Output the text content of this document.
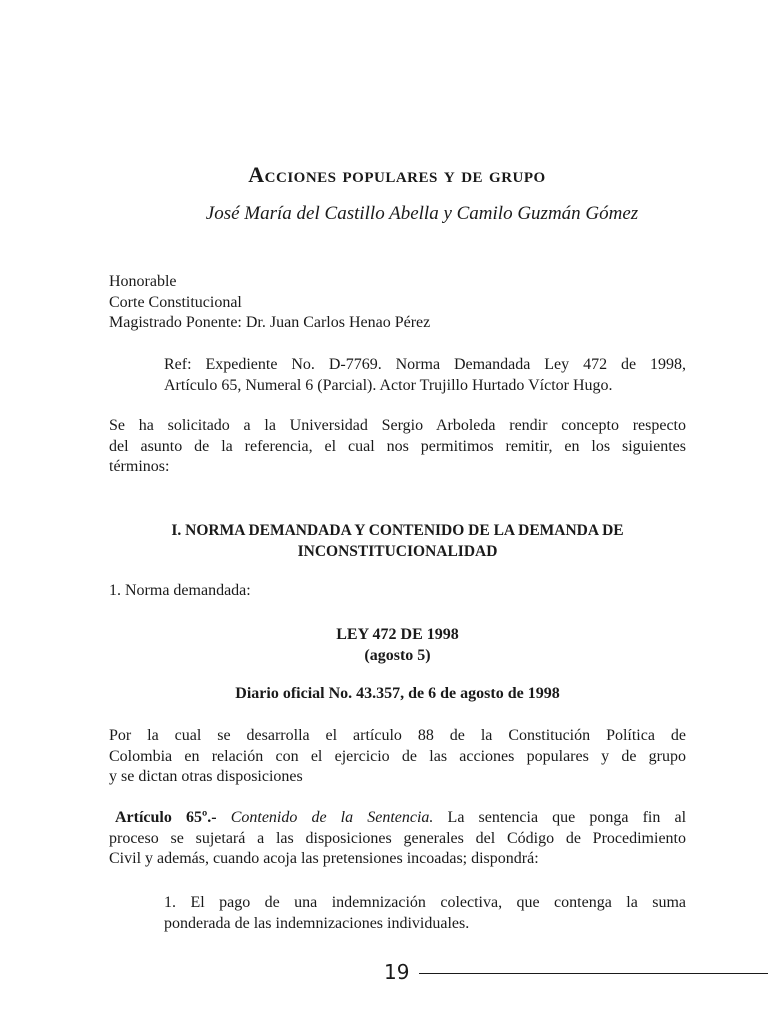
Acciones populares y de grupo
José María del Castillo Abella y Camilo Guzmán Gómez
Honorable
Corte Constitucional
Magistrado Ponente: Dr. Juan Carlos Henao Pérez
Ref: Expediente No. D-7769. Norma Demandada Ley 472 de 1998,
Artículo 65, Numeral 6 (Parcial). Actor Trujillo Hurtado Víctor Hugo.
Se ha solicitado a la Universidad Sergio Arboleda rendir concepto respecto
del asunto de la referencia, el cual nos permitimos remitir, en los siguientes
términos:
I. NORMA DEMANDADA Y CONTENIDO DE LA DEMANDA DE
INCONSTITUCIONALIDAD
1. Norma demandada:
LEY 472 DE 1998
(agosto 5)
Diario oficial No. 43.357, de 6 de agosto de 1998
Por la cual se desarrolla el artículo 88 de la Constitución Política de
Colombia en relación con el ejercicio de las acciones populares y de grupo
y se dictan otras disposiciones
Artículo 65º.- Contenido de la Sentencia. La sentencia que ponga fin al
proceso se sujetará a las disposiciones generales del Código de Procedimiento
Civil y además, cuando acoja las pretensiones incoadas; dispondrá:
1. El pago de una indemnización colectiva, que contenga la suma
ponderada de las indemnizaciones individuales.
19
